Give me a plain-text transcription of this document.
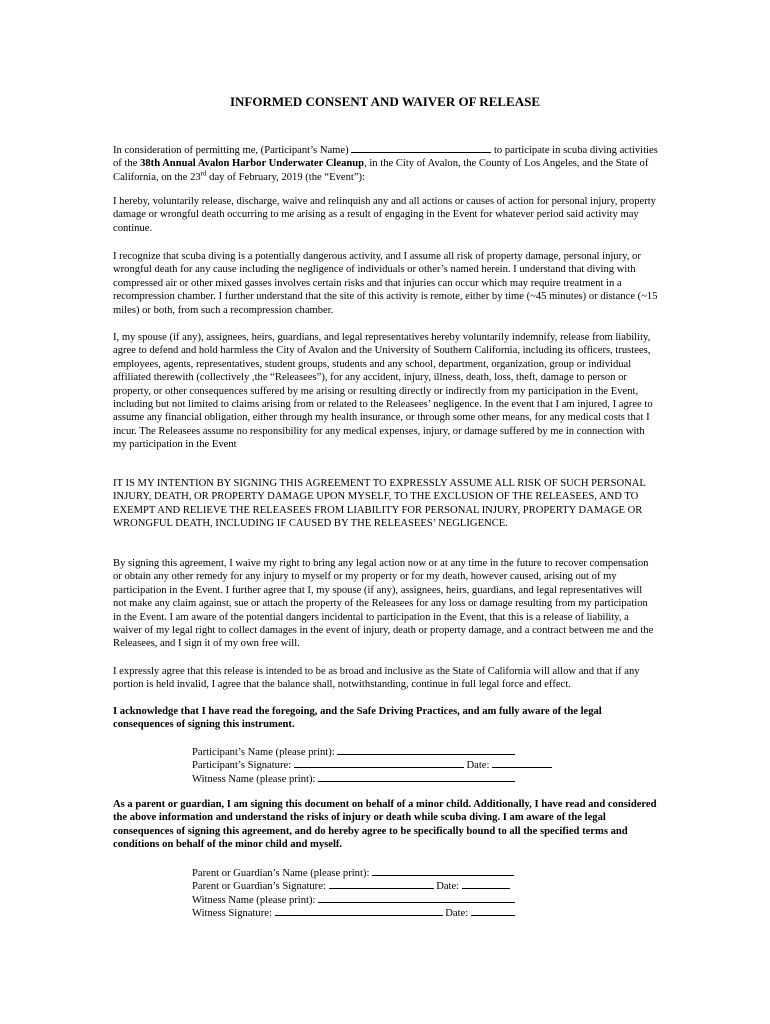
INFORMED CONSENT AND WAIVER OF RELEASE

In consideration of permitting me, (Participant’s Name)	to participate in scuba diving activities of the 38th Annual Avalon Harbor Underwater Cleanup, in the City of Avalon, the County of Los Angeles, and the State of California, on the 23rd day of February, 2019 (the “Event”):

I hereby, voluntarily release, discharge, waive and relinquish any and all actions or causes of action for personal injury, property damage or wrongful death occurring to me arising as a result of engaging in the Event for whatever period said activity may continue.

I recognize that scuba diving is a potentially dangerous activity, and I assume all risk of property damage, personal injury, or wrongful death for any cause including the negligence of individuals or other’s named herein. I understand that diving with compressed air or other mixed gasses involves certain risks and that injuries can occur which may require treatment in a recompression chamber. I further understand that the site of this activity is remote, either by time (~45 minutes) or distance (~15 miles) or both, from such a recompression chamber.

I, my spouse (if any), assignees, heirs, guardians, and legal representatives hereby voluntarily indemnify, release from liability, agree to defend and hold harmless the City of Avalon and the University of Southern California, including its officers, trustees, employees, agents, representatives, student groups, students and any school, department, organization, group or individual affiliated therewith (collectively ,the “Releasees”), for any accident, injury, illness, death, loss, theft, damage to person or property, or other consequences suffered by me arising or resulting directly or indirectly from my participation in the Event, including but not limited to claims arising from or related to the Releasees’ negligence. In the event that I am injured, I agree to assume any financial obligation, either through my health insurance, or through some other means, for any medical costs that I incur. The Releasees assume no responsibility for any medical expenses, injury, or damage suffered by me in connection with my participation in the Event

IT IS MY INTENTION BY SIGNING THIS AGREEMENT TO EXPRESSLY ASSUME ALL RISK OF SUCH PERSONAL INJURY, DEATH, OR PROPERTY DAMAGE UPON MYSELF, TO THE EXCLUSION OF THE RELEASEES, AND TO EXEMPT AND RELIEVE THE RELEASEES FROM LIABILITY FOR PERSONAL INJURY, PROPERTY DAMAGE OR WRONGFUL DEATH, INCLUDING IF CAUSED BY THE RELEASEES’ NEGLIGENCE.

By signing this agreement, I waive my right to bring any legal action now or at any time in the future to recover compensation or obtain any other remedy for any injury to myself or my property or for my death, however caused, arising out of my participation in the Event. I further agree that I, my spouse (if any), assignees, heirs, guardians, and legal representatives will not make any claim against, sue or attach the property of the Releasees for any loss or damage resulting from my participation in the Event. I am aware of the potential dangers incidental to participation in the Event, that this is a release of liability, a waiver of my legal right to collect damages in the event of injury, death or property damage, and a contract between me and the Releasees, and I sign it of my own free will.

I expressly agree that this release is intended to be as broad and inclusive as the State of California will allow and that if any portion is held invalid, I agree that the balance shall, notwithstanding, continue in full legal force and effect.

I acknowledge that I have read the foregoing, and the Safe Driving Practices, and am fully aware of the legal consequences of signing this instrument.

Participant’s Name (please print):
Participant’s Signature:	Date:
Witness Name (please print):

As a parent or guardian, I am signing this document on behalf of a minor child. Additionally, I have read and considered the above information and understand the risks of injury or death while scuba diving. I am aware of the legal consequences of signing this agreement, and do hereby agree to be specifically bound to all the specified terms and conditions on behalf of the minor child and myself.

Parent or Guardian’s Name (please print):
Parent or Guardian’s Signature:	Date:
Witness Name (please print):
Witness Signature:	Date:
